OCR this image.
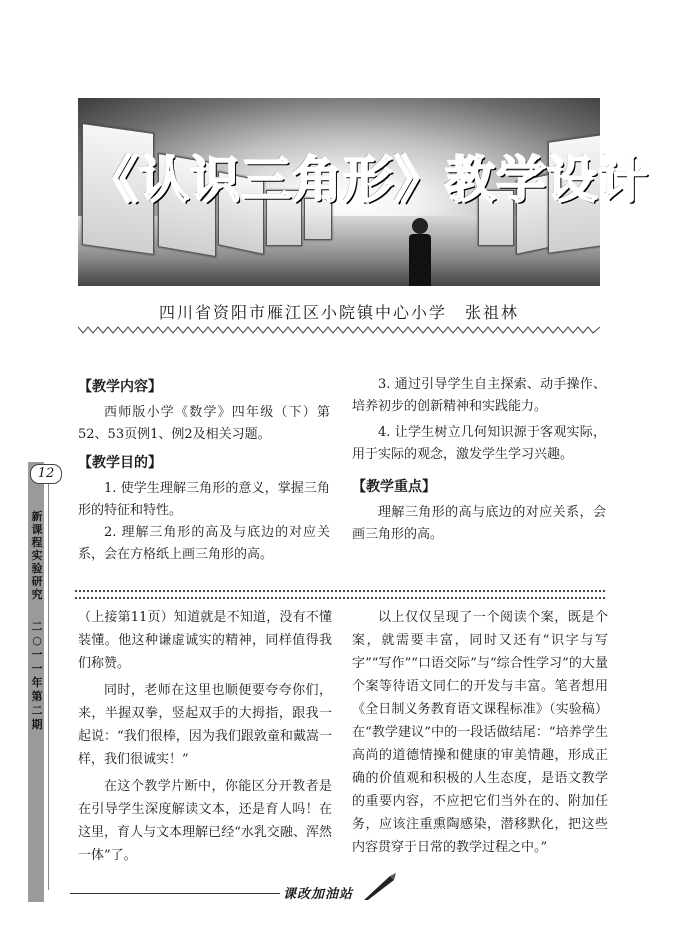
《认识三角形》教学设计
四川省资阳市雁江区小院镇中心小学　张祖林

【教学内容】

西师版小学《数学》四年级（下）第52、53页例1、例2及相关习题。

【教学目的】

1. 使学生理解三角形的意义，掌握三角形的特征和特性。

2. 理解三角形的高及与底边的对应关系，会在方格纸上画三角形的高。

3. 通过引导学生自主探索、动手操作、培养初步的创新精神和实践能力。

4. 让学生树立几何知识源于客观实际，用于实际的观念，激发学生学习兴趣。

【教学重点】

理解三角形的高与底边的对应关系，会画三角形的高。

（上接第11页）知道就是不知道，没有不懂装懂。他这种谦虚诚实的精神，同样值得我们称赞。

同时，老师在这里也顺便要夸夸你们，来，半握双拳，竖起双手的大拇指，跟我一起说：“我们很棒，因为我们跟敦童和戴嵩一样，我们很诚实！”

在这个教学片断中，你能区分开教者是在引导学生深度解读文本，还是育人吗！在这里，育人与文本理解已经“水乳交融、浑然一体”了。

以上仅仅呈现了一个阅读个案，既是个案，就需要丰富，同时又还有“识字与写字”“写作”“口语交际”与“综合性学习”的大量个案等待语文同仁的开发与丰富。笔者想用《全日制义务教育语文课程标准》（实验稿）在“教学建议”中的一段话做结尾：“培养学生高尚的道德情操和健康的审美情趣，形成正确的价值观和积极的人生态度，是语文教学的重要内容，不应把它们当外在的、附加任务，应该注重熏陶感染，潜移默化，把这些内容贯穿于日常的教学过程之中。”

12
新课程实验研究
二○一一年第二期
课改加油站
